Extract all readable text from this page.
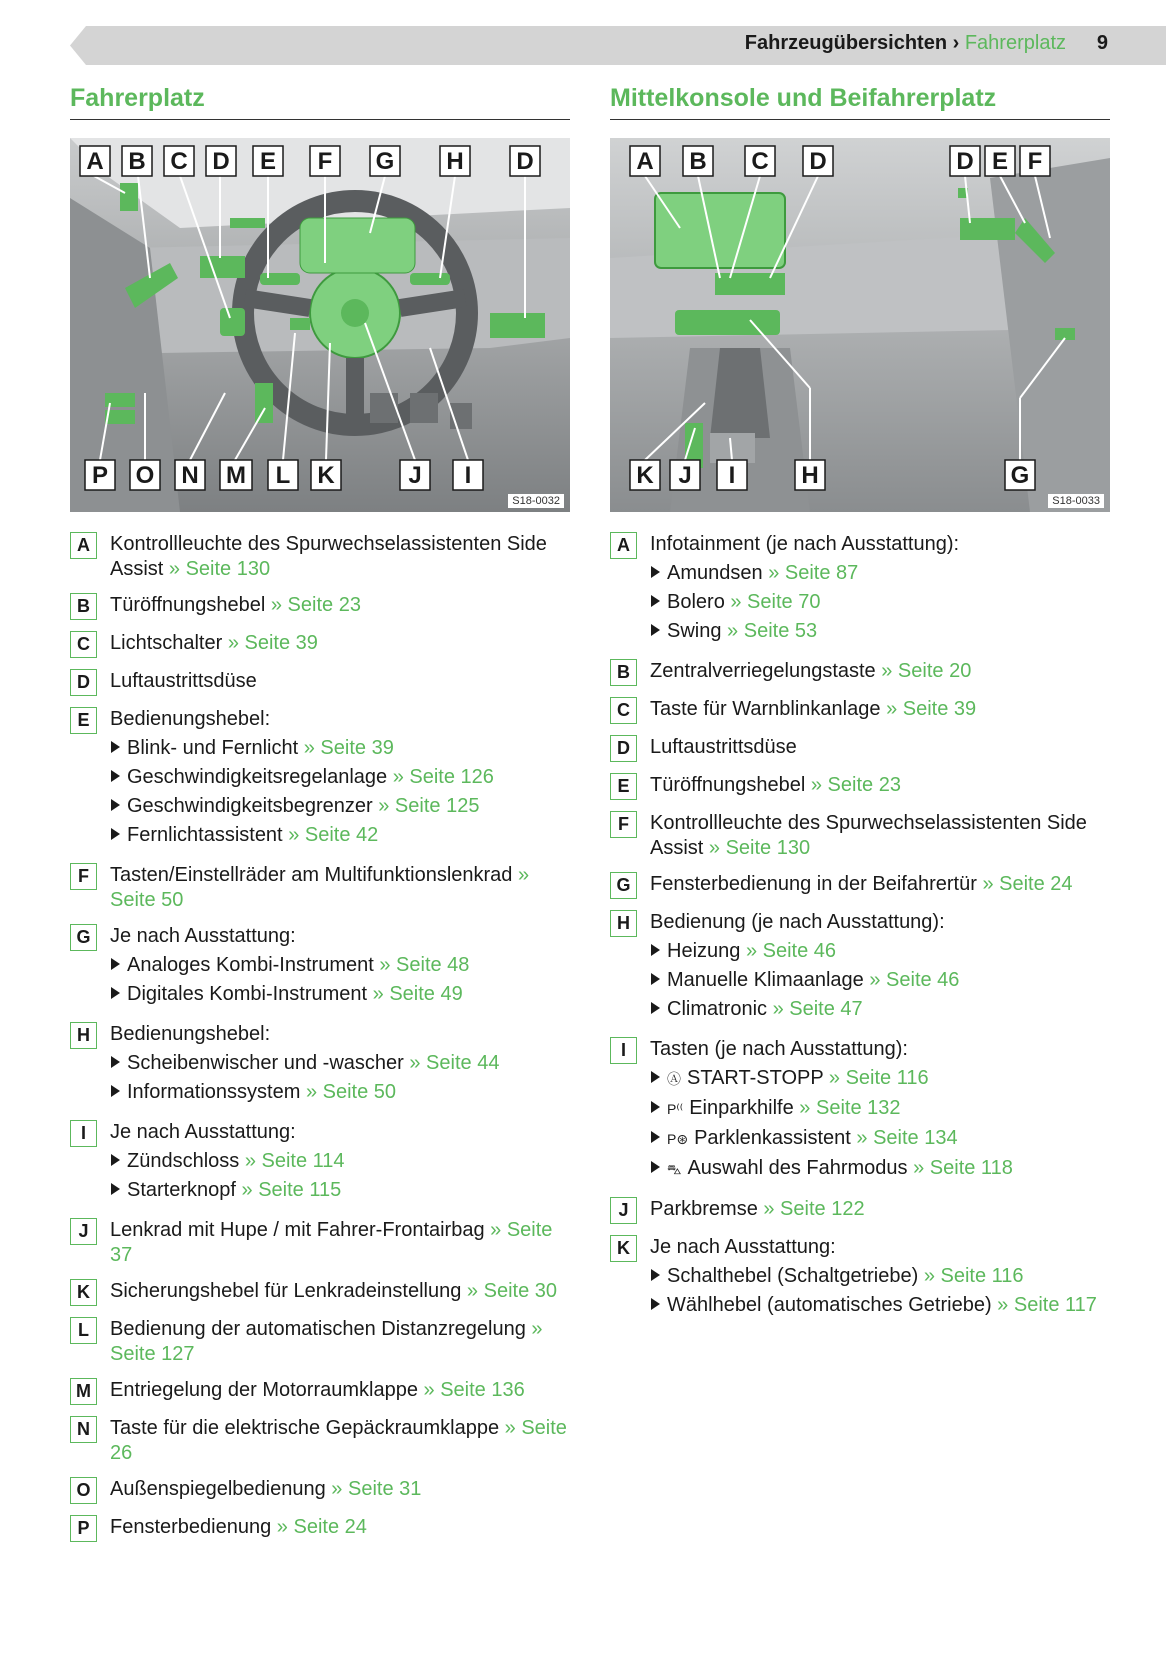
Fahrzeugübersichten › Fahrerplatz 9
Fahrerplatz
A B C D E F G H D
P O N M L K	J I
S18-0032
A	Kontrollleuchte des Spurwechselassistenten Side Assist » Seite 130
B	Türöffnungshebel » Seite 23
C	Lichtschalter » Seite 39
D	Luftaustrittsdüse
E	Bedienungshebel:
Blink- und Fernlicht » Seite 39
Geschwindigkeitsregelanlage » Seite 126
Geschwindigkeitsbegrenzer » Seite 125
Fernlichtassistent » Seite 42
F	Tasten/Einstellräder am Multifunktionslenkrad » Seite 50
G Je nach Ausstattung:
Analoges Kombi-Instrument » Seite 48
Digitales Kombi-Instrument » Seite 49
H	Bedienungshebel:
Scheibenwischer und -wascher » Seite 44
Informationssystem » Seite 50
I	Je nach Ausstattung:
Zündschloss » Seite 114
Starterknopf » Seite 115
J	Lenkrad mit Hupe / mit Fahrer-Frontairbag » Seite 37
K	Sicherungshebel für Lenkradeinstellung » Seite 30
L	Bedienung der automatischen Distanzregelung » Seite 127
M Entriegelung der Motorraumklappe » Seite 136
N	Taste für die elektrische Gepäckraumklappe » Seite 26
O Außenspiegelbedienung » Seite 31
P	Fensterbedienung » Seite 24
Mittelkonsole und Beifahrerplatz
A B C D	D E F
K J I	H	G
S18-0033
A	Infotainment (je nach Ausstattung):
Amundsen » Seite 87
Bolero » Seite 70
Swing » Seite 53
B	Zentralverriegelungstaste » Seite 20
C	Taste für Warnblinkanlage » Seite 39
D	Luftaustrittsdüse
E	Türöffnungshebel » Seite 23
F	Kontrollleuchte des Spurwechselassistenten Side Assist » Seite 130
G Fensterbedienung in der Beifahrertür » Seite 24
H	Bedienung (je nach Ausstattung):
Heizung » Seite 46
Manuelle Klimaanlage » Seite 46
Climatronic » Seite 47
I	Tasten (je nach Ausstattung):
Ⓐ START-STOPP » Seite 116
P⁽⁽ Einparkhilfe » Seite 132
P⊛ Parklenkassistent » Seite 134
⛍ Auswahl des Fahrmodus » Seite 118
J	Parkbremse » Seite 122
K	Je nach Ausstattung:
Schalthebel (Schaltgetriebe) » Seite 116
Wählhebel (automatisches Getriebe) » Seite 117
